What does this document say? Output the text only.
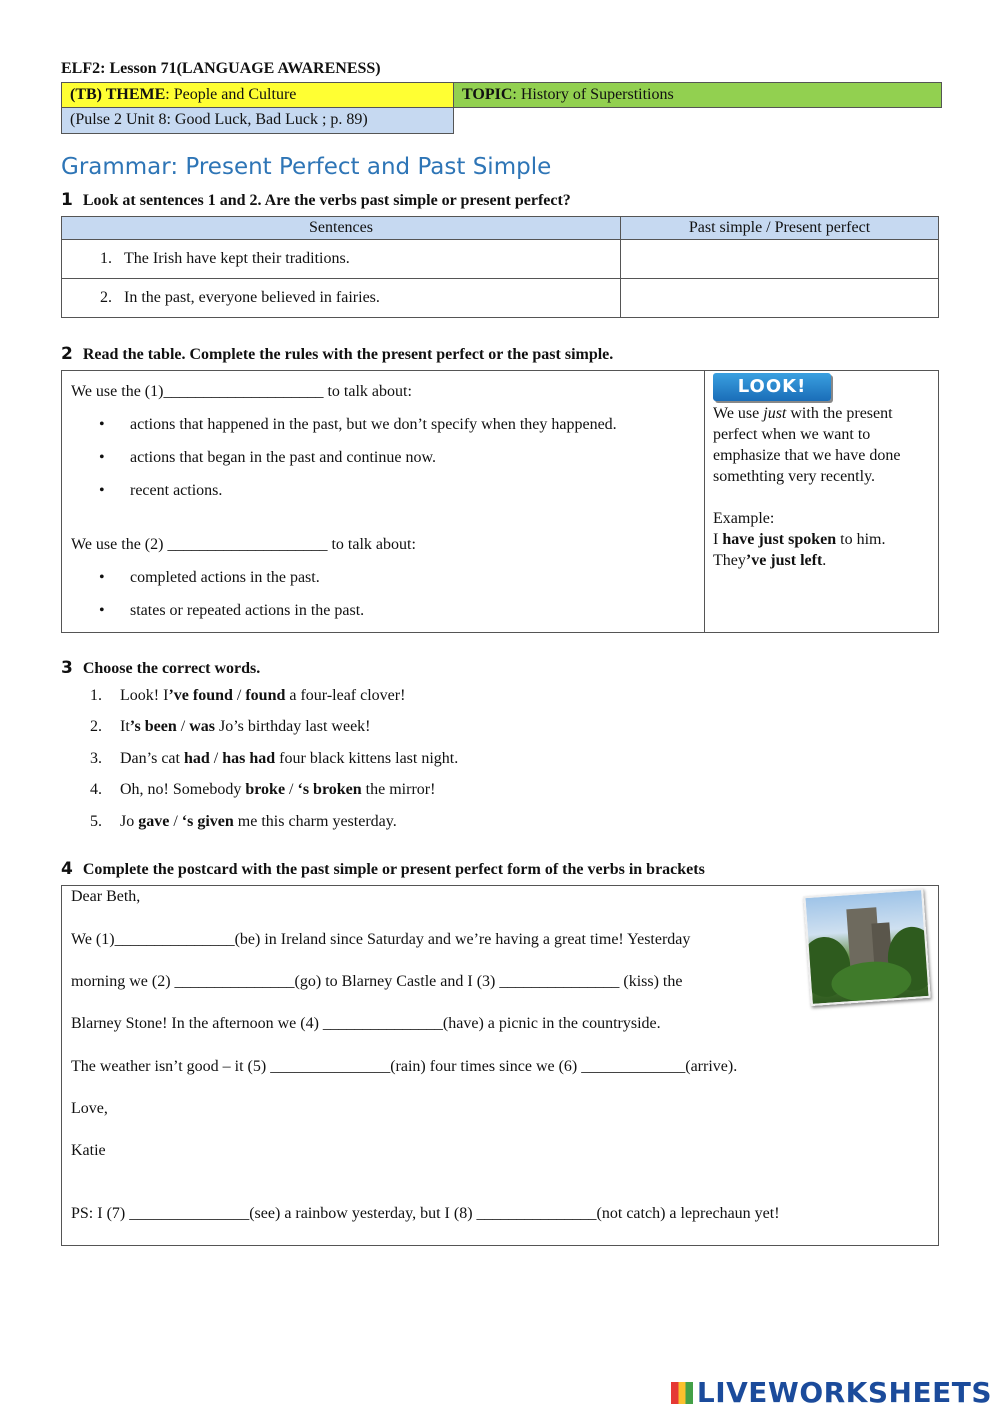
ELF2: Lesson 71(LANGUAGE AWARENESS)
(TB) THEME: People and Culture	TOPIC: History of Superstitions
(Pulse 2 Unit 8: Good Luck, Bad Luck ; p. 89)
Grammar: Present Perfect and Past Simple
1 Look at sentences 1 and 2. Are the verbs past simple or present perfect?
Sentences	Past simple / Present perfect
1. The Irish have kept their traditions.	
2. In the past, everyone believed in fairies.	
2 Read the table. Complete the rules with the present perfect or the past simple.
We use the (1)____________________ to talk about:
• actions that happened in the past, but we don’t specify when they happened.
• actions that began in the past and continue now.
• recent actions.
We use the (2) ____________________ to talk about:
• completed actions in the past.
• states or repeated actions in the past.
LOOK!
We use just with the present perfect when we want to emphasize that we have done somethting very recently.
Example:
I have just spoken to him.
They’ve just left.
3 Choose the correct words.
1. Look! I’ve found / found a four-leaf clover!
2. It’s been / was Jo’s birthday last week!
3. Dan’s cat had / has had four black kittens last night.
4. Oh, no! Somebody broke / ‘s broken the mirror!
5. Jo gave / ‘s given me this charm yesterday.
4 Complete the postcard with the past simple or present perfect form of the verbs in brackets
Dear Beth,
We (1)_______________(be) in Ireland since Saturday and we’re having a great time! Yesterday
morning we (2) _______________(go) to Blarney Castle and I (3) _______________ (kiss) the
Blarney Stone! In the afternoon we (4) _______________(have) a picnic in the countryside.
The weather isn’t good – it (5) _______________(rain) four times since we (6) _____________(arrive).
Love,
Katie
PS: I (7) _______________(see) a rainbow yesterday, but I (8) _______________(not catch) a leprechaun yet!
LIVEWORKSHEETS
